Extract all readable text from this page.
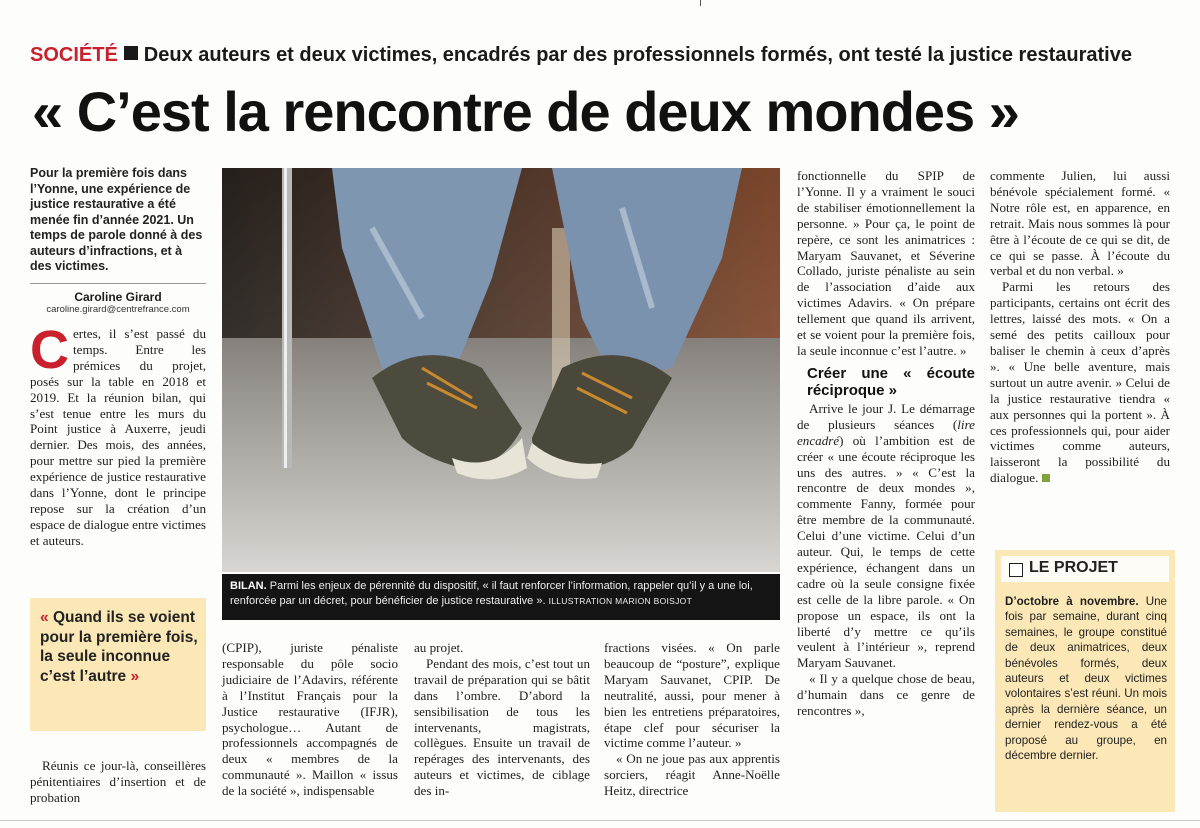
SOCIÉTÉ Deux auteurs et deux victimes, encadrés par des professionnels formés, ont testé la justice restaurative
« C’est la rencontre de deux mondes »
Pour la première fois dans l’Yonne, une expérience de justice restaurative a été menée fin d’année 2021. Un temps de parole donné à des auteurs d’infractions, et à des victimes.
Caroline Girard
caroline.girard@centrefrance.com
Certes, il s’est passé du temps. Entre les prémices du projet, posés sur la table en 2018 et 2019. Et la réunion bilan, qui s’est tenue entre les murs du Point justice à Auxerre, jeudi dernier. Des mois, des années, pour mettre sur pied la première expérience de justice restaurative dans l’Yonne, dont le principe repose sur la création d’un espace de dialogue entre victimes et auteurs.
« Quand ils se voient pour la première fois, la seule inconnue c’est l’autre »

Réunis ce jour-là, conseillères pénitentiaires d’insertion et de probation

BILAN. Parmi les enjeux de pérennité du dispositif, « il faut renforcer l’information, rappeler qu’il y a une loi, renforcée par un décret, pour bénéficier de justice restaurative ». ILLUSTRATION MARION BOISJOT

(CPIP), juriste pénaliste responsable du pôle socio judiciaire de l’Adavirs, référente à l’Institut Français pour la Justice restaurative (IFJR), psychologue… Autant de professionnels accompagnés de deux « membres de la communauté ». Maillon « issus de la société », indispensable

au projet.

Pendant des mois, c’est tout un travail de préparation qui se bâtit dans l’ombre. D’abord la sensibilisation de tous les intervenants, magistrats, collègues. Ensuite un travail de repérages des intervenants, des auteurs et victimes, de ciblage des in-

fractions visées. « On parle beaucoup de “posture”, explique Maryam Sauvanet, CPIP. De neutralité, aussi, pour mener à bien les entretiens préparatoires, étape clef pour sécuriser la victime comme l’auteur. »

« On ne joue pas aux apprentis sorciers, réagit Anne-Noëlle Heitz, directrice

fonctionnelle du SPIP de l’Yonne. Il y a vraiment le souci de stabiliser émotionnellement la personne. » Pour ça, le point de repère, ce sont les animatrices : Maryam Sauvanet, et Séverine Collado, juriste pénaliste au sein de l’association d’aide aux victimes Adavirs. « On prépare tellement que quand ils arrivent, et se voient pour la première fois, la seule inconnue c’est l’autre. »

Créer une « écoute réciproque »

Arrive le jour J. Le démarrage de plusieurs séances (lire encadré) où l’ambition est de créer « une écoute réciproque les uns des autres. » « C’est la rencontre de deux mondes », commente Fanny, formée pour être membre de la communauté. Celui d’une victime. Celui d’un auteur. Qui, le temps de cette expérience, échangent dans un cadre où la seule consigne fixée est celle de la libre parole. « On propose un espace, ils ont la liberté d’y mettre ce qu’ils veulent à l’intérieur », reprend Maryam Sauvanet.

« Il y a quelque chose de beau, d’humain dans ce genre de rencontres »,

commente Julien, lui aussi bénévole spécialement formé. « Notre rôle est, en apparence, en retrait. Mais nous sommes là pour être à l’écoute de ce qui se dit, de ce qui se passe. À l’écoute du verbal et du non verbal. »

Parmi les retours des participants, certains ont écrit des lettres, laissé des mots. « On a semé des petits cailloux pour baliser le chemin à ceux d’après ». « Une belle aventure, mais surtout un autre avenir. » Celui de la justice restaurative tiendra « aux personnes qui la portent ». À ces professionnels qui, pour aider victimes comme auteurs, laisseront la possibilité du dialogue.

LE PROJET
D’octobre à novembre. Une fois par semaine, durant cinq semaines, le groupe constitué de deux animatrices, deux bénévoles formés, deux auteurs et deux victimes volontaires s’est réuni. Un mois après la dernière séance, un dernier rendez-vous a été proposé au groupe, en décembre dernier.
